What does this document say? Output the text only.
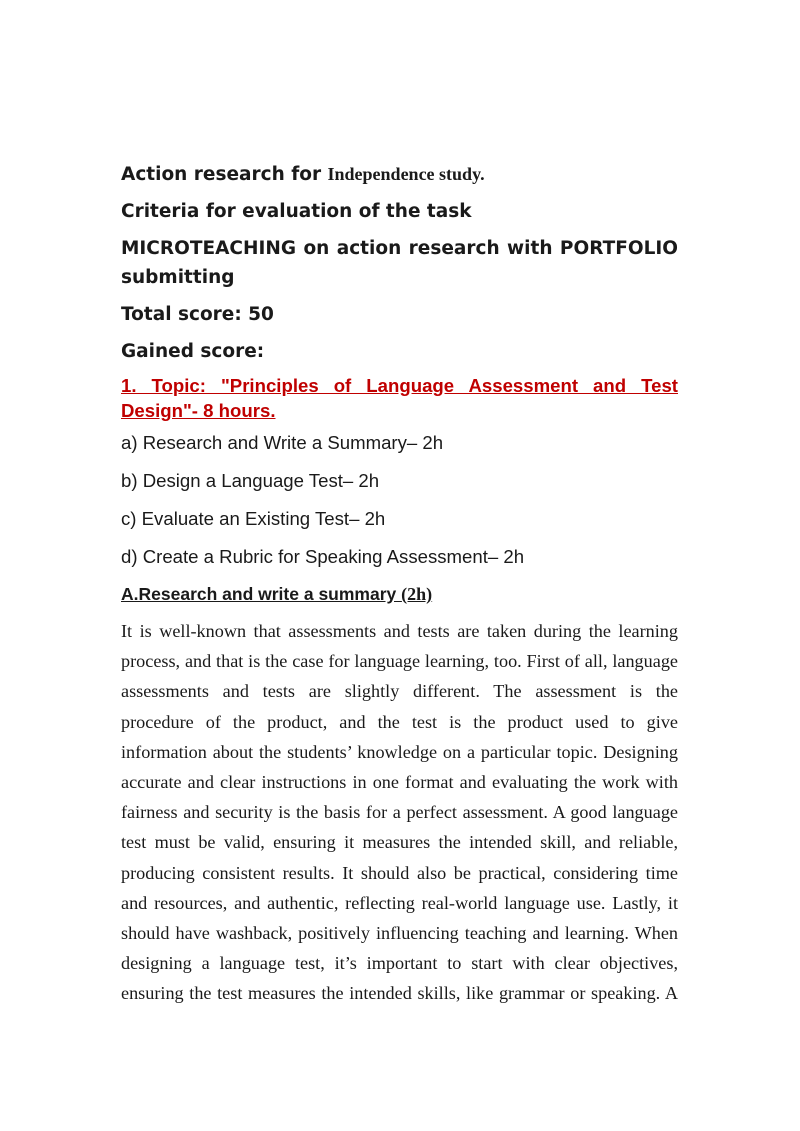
Action research for Independence study.

Criteria for evaluation of the task

MICROTEACHING on action research with PORTFOLIO
submitting

Total score: 50

Gained score:

1. Topic: "Principles of Language Assessment and Test
Design"- 8 hours.

a) Research and Write a Summary– 2h

b) Design a Language Test– 2h

c) Evaluate an Existing Test– 2h

d) Create a Rubric for Speaking Assessment– 2h

A.Research and write a summary (2h)

It is well-known that assessments and tests are taken during the learning

process, and that is the case for language learning, too. First of all, language

assessments and tests are slightly different. The assessment is the

procedure of the product, and the test is the product used to give

information about the students’ knowledge on a particular topic. Designing

accurate and clear instructions in one format and evaluating the work with

fairness and security is the basis for a perfect assessment. A good language

test must be valid, ensuring it measures the intended skill, and reliable,

producing consistent results. It should also be practical, considering time

and resources, and authentic, reflecting real-world language use. Lastly, it

should have washback, positively influencing teaching and learning. When

designing a language test, it’s important to start with clear objectives,

ensuring the test measures the intended skills, like grammar or speaking. A
